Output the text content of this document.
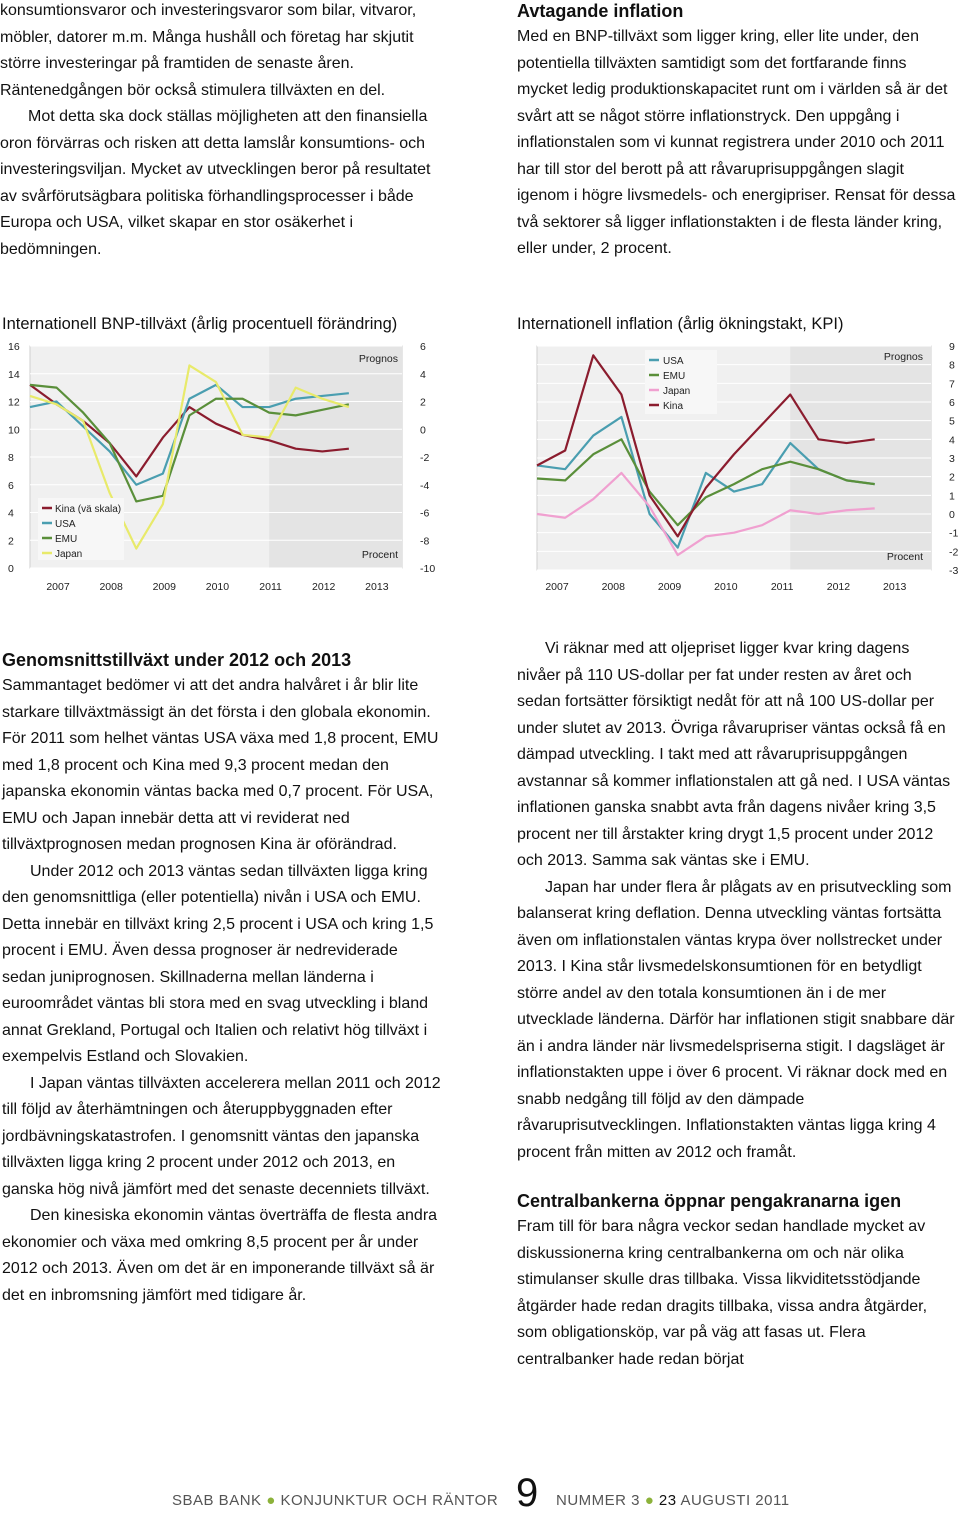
konsumtionsvaror och investeringsvaror som bilar, vitvaror, möbler, datorer m.m. Många hushåll och företag har skjutit större investeringar på framtiden de senaste åren. Räntenedgången bör också stimulera tillväxten en del.

Mot detta ska dock ställas möjligheten att den finansiella oron förvärras och risken att detta lamslår konsumtions- och investeringsviljan. Mycket av utvecklingen beror på resultatet av svårförutsägbara politiska förhandlingsprocesser i både Europa och USA, vilket skapar en stor osäkerhet i bedömningen.

Avtagande inflation

Med en BNP-tillväxt som ligger kring, eller lite under, den potentiella tillväxten samtidigt som det fortfarande finns mycket ledig produktionskapacitet runt om i världen så är det svårt att se något större inflationstryck. Den uppgång i inflationstalen som vi kunnat registrera under 2010 och 2011 har till stor del berott på att råvaruprisuppgången slagit igenom i högre livsmedels- och energipriser. Rensat för dessa två sektorer så ligger inflationstakten i de flesta länder kring, eller under, 2 procent.

Internationell BNP-tillväxt (årlig procentuell förändring)
0
2
4
6
8
10
12
14
16
-10
-8
-6
-4
-2
0
2
4
6
2007	2008	2009	2010	2011	2012	2013
Kina (vä skala)
USA
EMU
Japan
Prognos
Procent
Internationell inflation (årlig ökningstakt, KPI)
-3
-2
-1
0
1
2
3
4
5
6
7
8
9
2007	2008	2009	2010	2011	2012	2013
USA
EMU
Japan
Kina
Prognos
Procent
Genomsnittstillväxt under 2012 och 2013

Sammantaget bedömer vi att det andra halvåret i år blir lite starkare tillväxtmässigt än det första i den globala ekonomin. För 2011 som helhet väntas USA växa med 1,8 procent, EMU med 1,8 procent och Kina med 9,3 procent medan den japanska ekonomin väntas backa med 0,7 procent. För USA, EMU och Japan innebär detta att vi reviderat ned tillväxtprognosen medan prognosen Kina är oförändrad.

Under 2012 och 2013 väntas sedan tillväxten ligga kring den genomsnittliga (eller potentiella) nivån i USA och EMU. Detta innebär en tillväxt kring 2,5 procent i USA och kring 1,5 procent i EMU. Även dessa prognoser är nedreviderade sedan juniprognosen. Skillnaderna mellan länderna i euroområdet väntas bli stora med en svag utveckling i bland annat Grekland, Portugal och Italien och relativt hög tillväxt i exempelvis Estland och Slovakien.

I Japan väntas tillväxten accelerera mellan 2011 och 2012 till följd av återhämtningen och återuppbyggnaden efter jordbävningskatastrofen. I genomsnitt väntas den japanska tillväxten ligga kring 2 procent under 2012 och 2013, en ganska hög nivå jämfört med det senaste decenniets tillväxt.

Den kinesiska ekonomin väntas överträffa de flesta andra ekonomier och växa med omkring 8,5 procent per år under 2012 och 2013. Även om det är en imponerande tillväxt så är det en inbromsning jämfört med tidigare år.

Vi räknar med att oljepriset ligger kvar kring dagens nivåer på 110 US-dollar per fat under resten av året och sedan fortsätter försiktigt nedåt för att nå 100 US-dollar per under slutet av 2013. Övriga råvarupriser väntas också få en dämpad utveckling. I takt med att råvaruprisuppgången avstannar så kommer inflationstalen att gå ned. I USA väntas inflationen ganska snabbt avta från dagens nivåer kring 3,5 procent ner till årstakter kring drygt 1,5 procent under 2012 och 2013. Samma sak väntas ske i EMU.

Japan har under flera år plågats av en prisutveckling som balanserat kring deflation. Denna utveckling väntas fortsätta även om inflationstalen väntas krypa över nollstrecket under 2013. I Kina står livsmedelskonsumtionen för en betydligt större andel av den totala konsumtionen än i de mer utvecklade länderna. Därför har inflationen stigit snabbare där än i andra länder när livsmedelspriserna stigit. I dagsläget är inflationstakten uppe i över 6 procent. Vi räknar dock med en snabb nedgång till följd av den dämpade råvaruprisutvecklingen. Inflationstakten väntas ligga kring 4 procent från mitten av 2012 och framåt.

Centralbankerna öppnar pengakranarna igen

Fram till för bara några veckor sedan handlade mycket av diskussionerna kring centralbankerna om och när olika stimulanser skulle dras tillbaka. Vissa likviditetsstödjande åtgärder hade redan dragits tillbaka, vissa andra åtgärder, som obligationsköp, var på väg att fasas ut. Flera centralbanker hade redan börjat

SBAB BANK ● KONJUNKTUR OCH RÄNTOR 9 NUMMER 3 ● 23 AUGUSTI 2011
